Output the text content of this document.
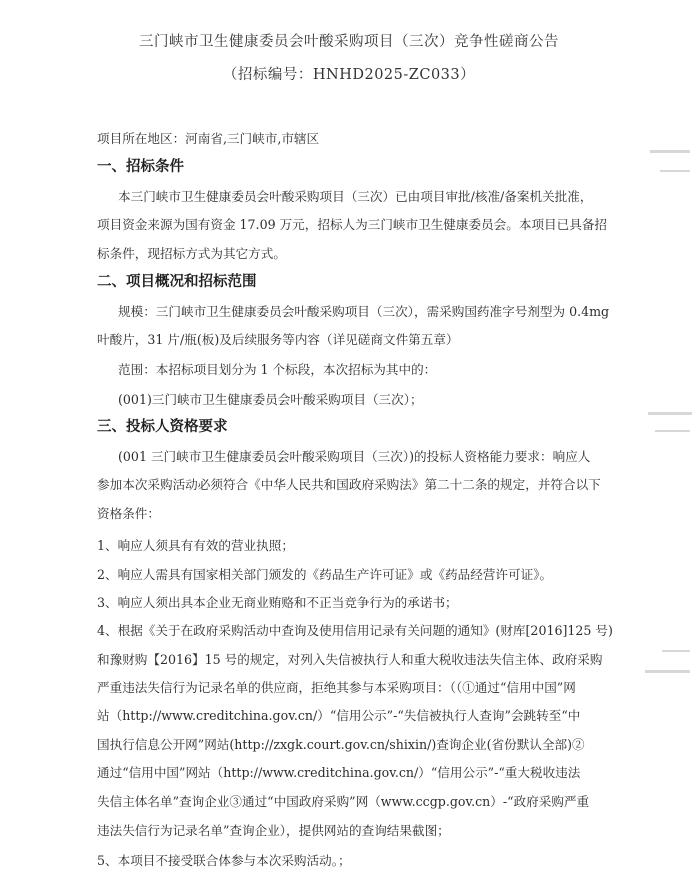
三门峡市卫生健康委员会叶酸采购项目（三次）竞争性磋商公告
（招标编号：HNHD2025-ZC033）
项目所在地区：河南省,三门峡市,市辖区
一、招标条件
本三门峡市卫生健康委员会叶酸采购项目（三次）已由项目审批/核准/备案机关批准，
项目资金来源为国有资金 17.09 万元，招标人为三门峡市卫生健康委员会。本项目已具备招
标条件，现招标方式为其它方式。
二、项目概况和招标范围
规模：三门峡市卫生健康委员会叶酸采购项目（三次），需采购国药准字号剂型为 0.4mg
叶酸片，31 片/瓶(板)及后续服务等内容（详见磋商文件第五章）
范围：本招标项目划分为 1 个标段，本次招标为其中的：
(001)三门峡市卫生健康委员会叶酸采购项目（三次）；
三、投标人资格要求
(001 三门峡市卫生健康委员会叶酸采购项目（三次）)的投标人资格能力要求：响应人
参加本次采购活动必须符合《中华人民共和国政府采购法》第二十二条的规定，并符合以下
资格条件：
1、响应人须具有有效的营业执照；
2、响应人需具有国家相关部门颁发的《药品生产许可证》或《药品经营许可证》。
3、响应人须出具本企业无商业贿赂和不正当竞争行为的承诺书；
4、根据《关于在政府采购活动中查询及使用信用记录有关问题的通知》(财库[2016]125 号)
和豫财购【2016】15 号的规定，对列入失信被执行人和重大税收违法失信主体、政府采购
严重违法失信行为记录名单的供应商，拒绝其参与本采购项目：（（①通过“信用中国”网
站（http://www.creditchina.gov.cn/）“信用公示”-“失信被执行人查询”会跳转至“中
国执行信息公开网”网站(http://zxgk.court.gov.cn/shixin/)查询企业(省份默认全部)②
通过“信用中国”网站（http://www.creditchina.gov.cn/）“信用公示”-“重大税收违法
失信主体名单”查询企业③通过“中国政府采购”网（www.ccgp.gov.cn）-“政府采购严重
违法失信行为记录名单”查询企业），提供网站的查询结果截图；
5、本项目不接受联合体参与本次采购活动。；
